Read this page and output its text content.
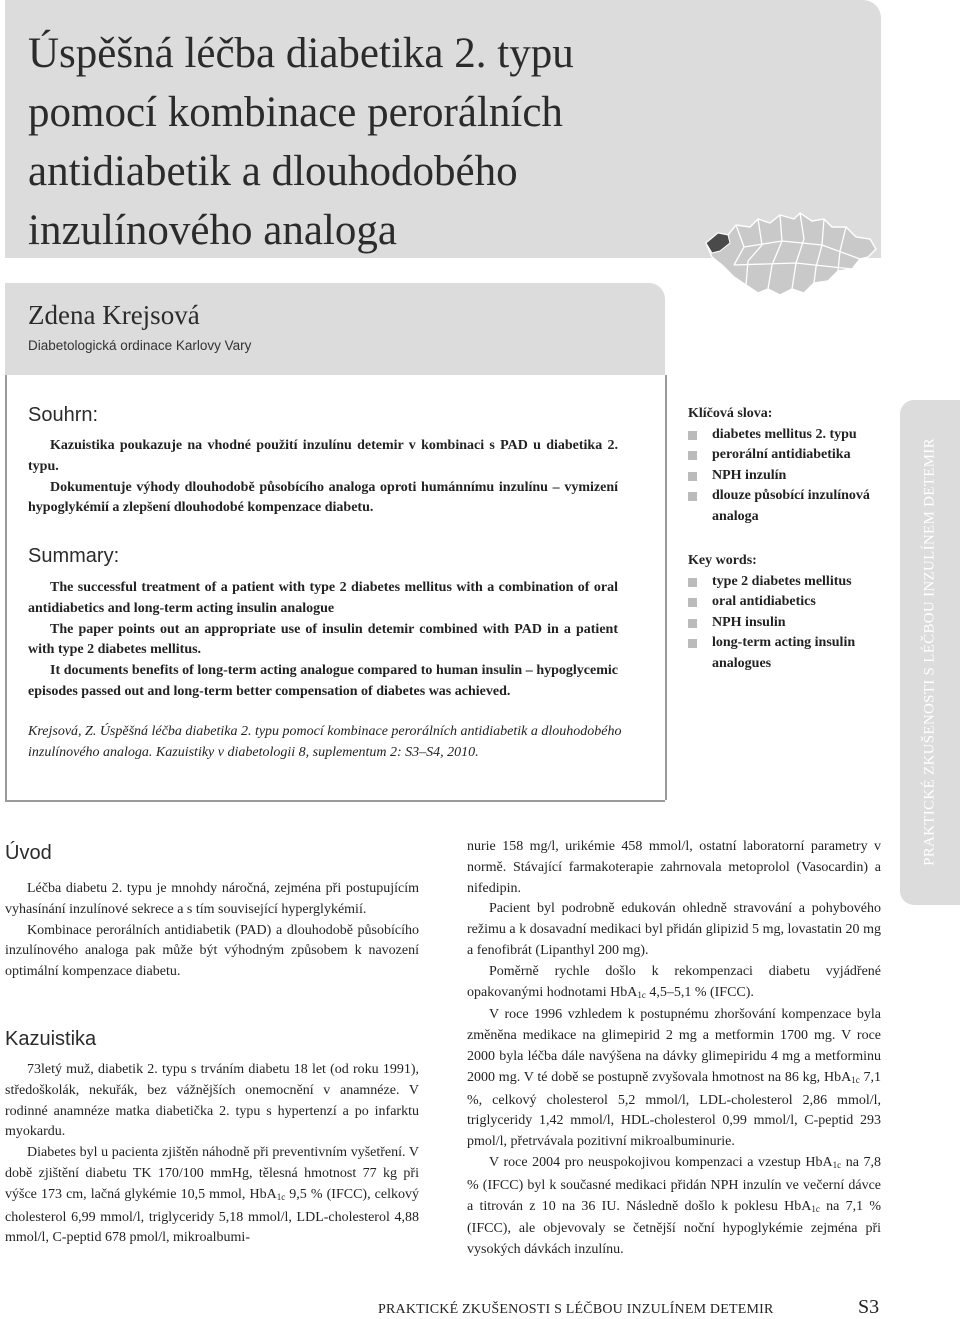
Úspěšná léčba diabetika 2. typu
pomocí kombinace perorálních
antidiabetik a dlouhodobého
inzulínového analoga
Zdena Krejsová
Diabetologická ordinace Karlovy Vary
Souhrn:

Kazuistika poukazuje na vhodné použití inzulínu detemir v kombinaci s PAD u diabetika 2. typu.

Dokumentuje výhody dlouhodobě působícího analoga oproti humánnímu inzulínu – vymizení hypoglykémií a zlepšení dlouhodobé kompenzace diabetu.

Summary:

The successful treatment of a patient with type 2 diabetes mellitus with a combination of oral antidiabetics and long-term acting insulin analogue

The paper points out an appropriate use of insulin detemir combined with PAD in a patient with type 2 diabetes mellitus.

It documents benefits of long-term acting analogue compared to human insulin – hypoglycemic episodes passed out and long-term better compensation of diabetes was achieved.

Krejsová, Z. Úspěšná léčba diabetika 2. typu pomocí kombinace perorálních antidiabetik a dlouhodobého inzulínového analoga. Kazuistiky v diabetologii 8, suplementum 2: S3–S4, 2010.
Klíčová slova:
diabetes mellitus 2. typu
perorální antidiabetika
NPH inzulín
dlouze působící inzulínová analoga
Key words:
type 2 diabetes mellitus
oral antidiabetics
NPH insulin
long-term acting insulin analogues	PRAKTICKÉ ZKUŠENOSTI S LÉČBOU INZULÍNEM DETEMIR
Úvod

Léčba diabetu 2. typu je mnohdy náročná, zejména při postupujícím vyhasínání inzulínové sekrece a s tím související hyperglykémií.

Kombinace perorálních antidiabetik (PAD) a dlouhodobě působícího inzulínového analoga pak může být výhodným způsobem k navození optimální kompenzace diabetu.

Kazuistika

73letý muž, diabetik 2. typu s trváním diabetu 18 let (od roku 1991), středoškolák, nekuřák, bez vážnějších onemocnění v anamnéze. V rodinné anamnéze matka diabetička 2. typu s hypertenzí a po infarktu myokardu.

Diabetes byl u pacienta zjištěn náhodně při preventivním vyšetření. V době zjištění diabetu TK 170/100 mmHg, tělesná hmotnost 77 kg při výšce 173 cm, lačná glykémie 10,5 mmol, HbA$_{1c}$ 9,5 % (IFCC), celkový cholesterol 6,99 mmol/l, triglyceridy 5,18 mmol/l, LDL-cholesterol 4,88 mmol/l, C-peptid 678 pmol/l, mikroalbumi-

nurie 158 mg/l, urikémie 458 mmol/l, ostatní laboratorní parametry v normě. Stávající farmakoterapie zahrnovala metoprolol (Vasocardin) a nifedipin.

Pacient byl podrobně edukován ohledně stravování a pohybového režimu a k dosavadní medikaci byl přidán glipizid 5 mg, lovastatin 20 mg a fenofibrát (Lipanthyl 200 mg).

Poměrně rychle došlo k rekompenzaci diabetu vyjádřené opakovanými hodnotami HbA$_{1c}$ 4,5–5,1 % (IFCC).

V roce 1996 vzhledem k postupnému zhoršování kompenzace byla změněna medikace na glimepirid 2 mg a metformin 1700 mg. V roce 2000 byla léčba dále navýšena na dávky glimepiridu 4 mg a metforminu 2000 mg. V té době se postupně zvyšovala hmotnost na 86 kg, HbA$_{1c}$ 7,1 %, celkový cholesterol 5,2 mmol/l, LDL-cholesterol 2,86 mmol/l, triglyceridy 1,42 mmol/l, HDL-cholesterol 0,99 mmol/l, C-peptid 293 pmol/l, přetrvávala pozitivní mikroalbuminurie.

V roce 2004 pro neuspokojivou kompenzaci a vzestup HbA$_{1c}$ na 7,8 % (IFCC) byl k současné medikaci přidán NPH inzulín ve večerní dávce a titrován z 10 na 36 IU. Následně došlo k poklesu HbA$_{1c}$ na 7,1 % (IFCC), ale objevovaly se četnější noční hypoglykémie zejména při vysokých dávkách inzulínu.

PRAKTICKÉ ZKUŠENOSTI S LÉČBOU INZULÍNEM DETEMIR	S3
